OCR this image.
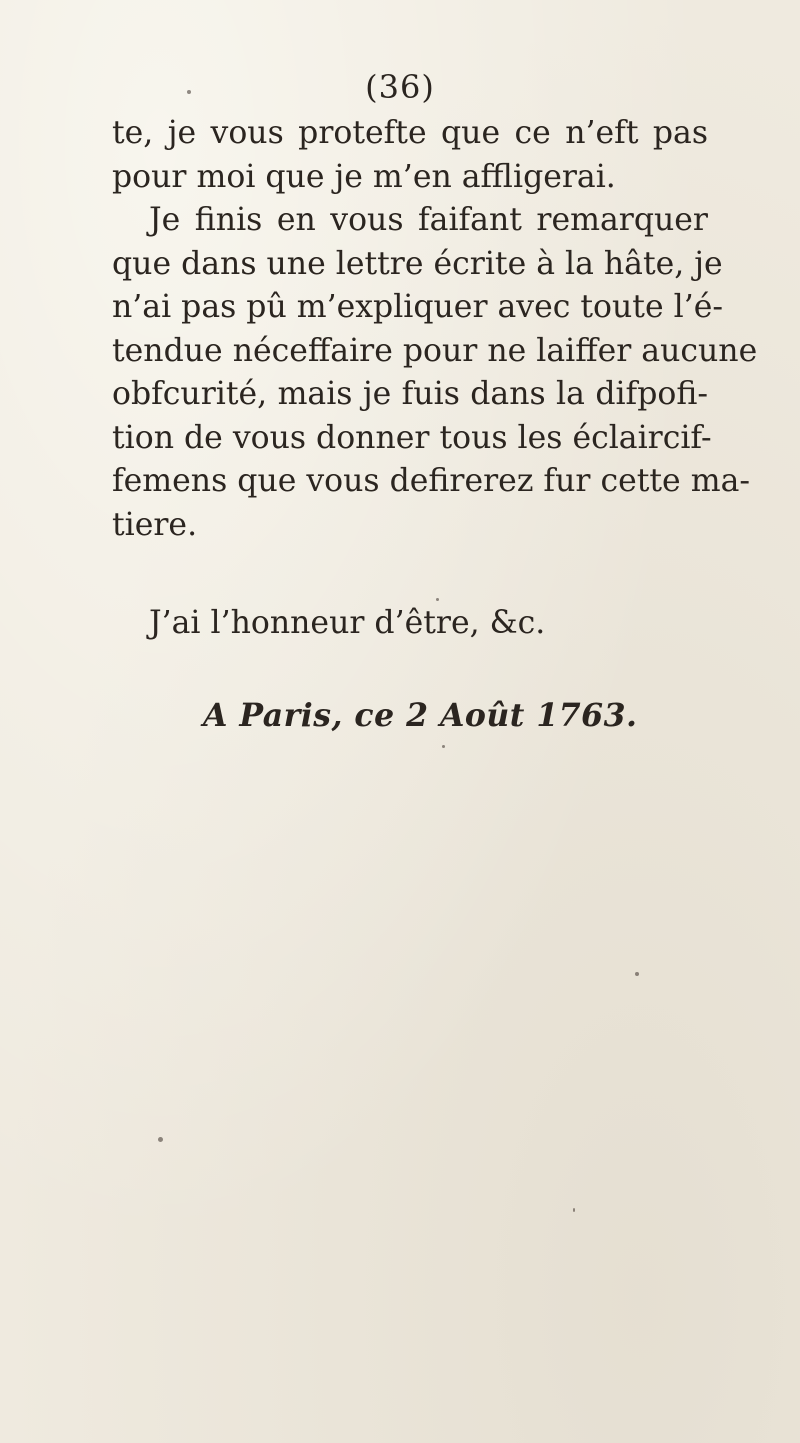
(36)
te, je vous protefte que ce n’eft pas
pour moi que je m’en affligerai.
Je finis en vous faifant remarquer
que dans une lettre écrite à la hâte, je
n’ai pas pû m’expliquer avec toute l’é-
tendue néceffaire pour ne laiffer aucune
obfcurité, mais je fuis dans la difpofi-
tion de vous donner tous les éclaircif-
femens que vous defirerez fur cette ma-
tiere.
J’ai l’honneur d’être, &c.
A Paris, ce 2 Août 1763.
